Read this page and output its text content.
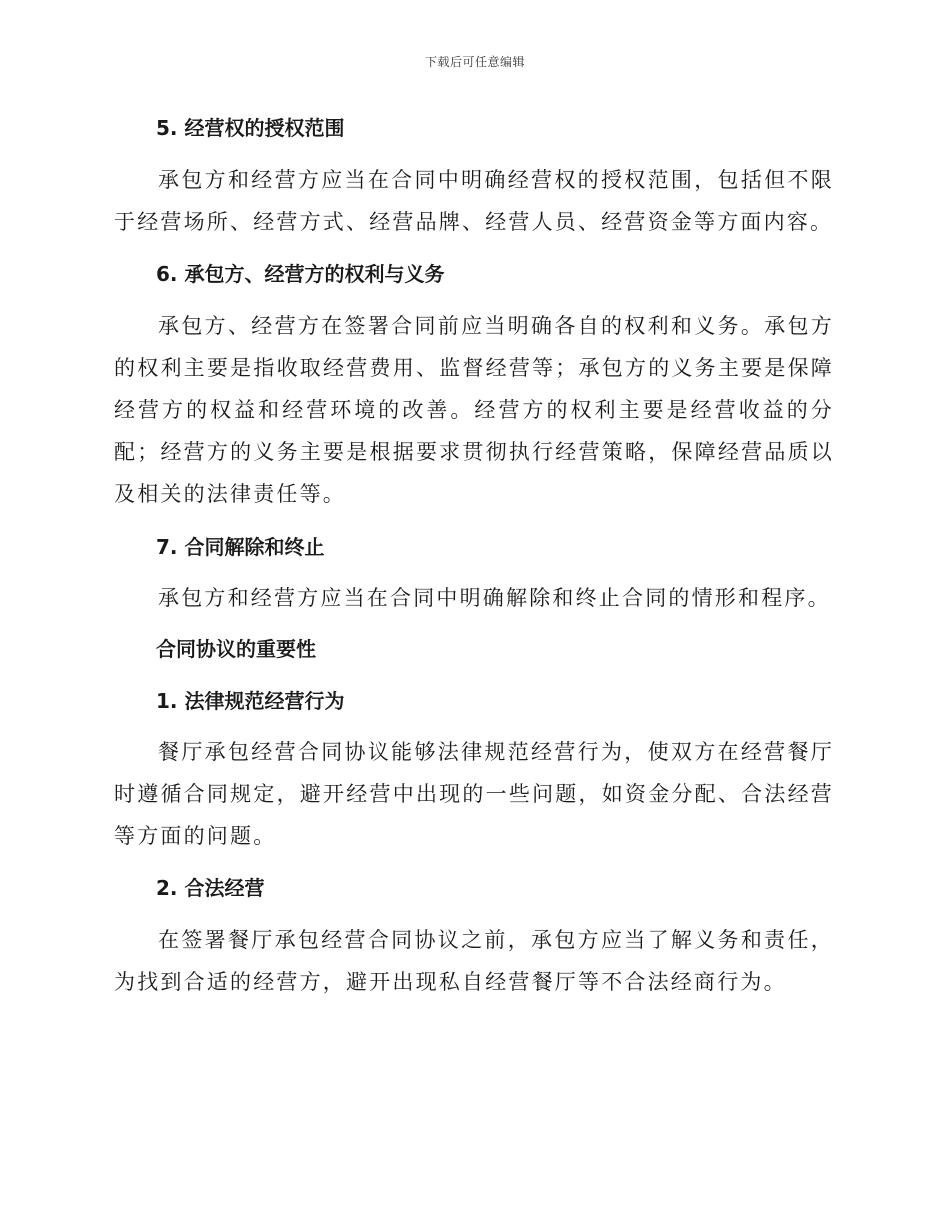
下载后可任意编辑
5. 经营权的授权范围
承包方和经营方应当在合同中明确经营权的授权范围，包括但不限于经营场所、经营方式、经营品牌、经营人员、经营资金等方面内容。
6. 承包方、经营方的权利与义务
承包方、经营方在签署合同前应当明确各自的权利和义务。承包方的权利主要是指收取经营费用、监督经营等；承包方的义务主要是保障经营方的权益和经营环境的改善。经营方的权利主要是经营收益的分配；经营方的义务主要是根据要求贯彻执行经营策略，保障经营品质以及相关的法律责任等。
7. 合同解除和终止
承包方和经营方应当在合同中明确解除和终止合同的情形和程序。
合同协议的重要性
1. 法律规范经营行为
餐厅承包经营合同协议能够法律规范经营行为，使双方在经营餐厅时遵循合同规定，避开经营中出现的一些问题，如资金分配、合法经营等方面的问题。
2. 合法经营
在签署餐厅承包经营合同协议之前，承包方应当了解义务和责任，为找到合适的经营方，避开出现私自经营餐厅等不合法经商行为。
